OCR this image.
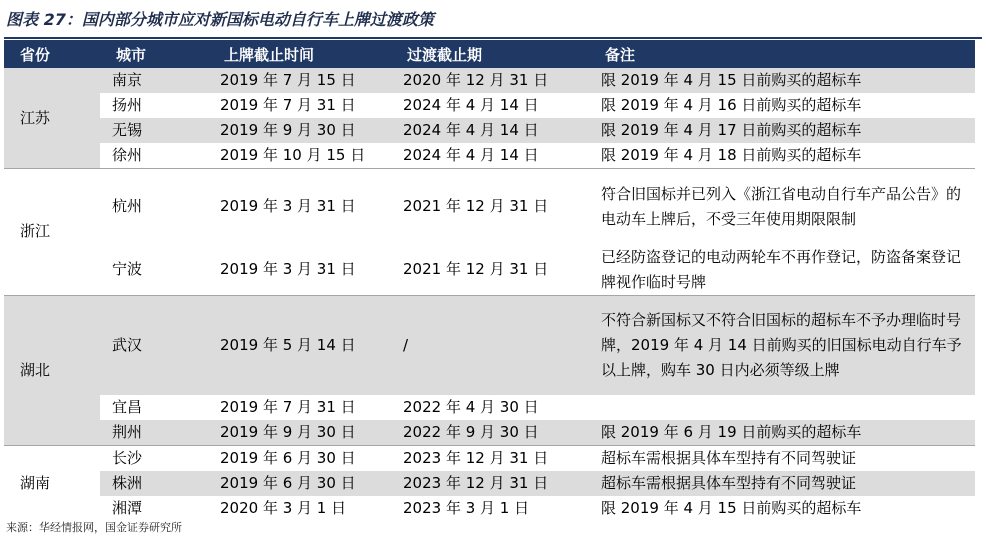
图表 27：国内部分城市应对新国标电动自行车上牌过渡政策
省份	城市	上牌截止时间	过渡截止期	备注
江苏	南京	2019 年 7 月 15 日	2020 年 12 月 31 日	限 2019 年 4 月 15 日前购买的超标车
	扬州	2019 年 7 月 31 日	2024 年 4 月 14 日	限 2019 年 4 月 16 日前购买的超标车
	无锡	2019 年 9 月 30 日	2024 年 4 月 14 日	限 2019 年 4 月 17 日前购买的超标车
	徐州	2019 年 10 月 15 日	2024 年 4 月 14 日	限 2019 年 4 月 18 日前购买的超标车
浙江	杭州	2019 年 3 月 31 日	2021 年 12 月 31 日	符合旧国标并已列入《浙江省电动自行车产品公告》的电动车上牌后，不受三年使用期限限制
	宁波	2019 年 3 月 31 日	2021 年 12 月 31 日	已经防盗登记的电动两轮车不再作登记，防盗备案登记牌视作临时号牌
湖北	武汉	2019 年 5 月 14 日	/	不符合新国标又不符合旧国标的超标车不予办理临时号牌，2019 年 4 月 14 日前购买的旧国标电动自行车予以上牌，购车 30 日内必须等级上牌
	宜昌	2019 年 7 月 31 日	2022 年 4 月 30 日	
	荆州	2019 年 9 月 30 日	2022 年 9 月 30 日	限 2019 年 6 月 19 日前购买的超标车
湖南	长沙	2019 年 6 月 30 日	2023 年 12 月 31 日	超标车需根据具体车型持有不同驾驶证
	株洲	2019 年 6 月 30 日	2023 年 12 月 31 日	超标车需根据具体车型持有不同驾驶证
	湘潭	2020 年 3 月 1 日	2023 年 3 月 1 日	限 2019 年 4 月 15 日前购买的超标车
来源：华经情报网，国金证券研究所
